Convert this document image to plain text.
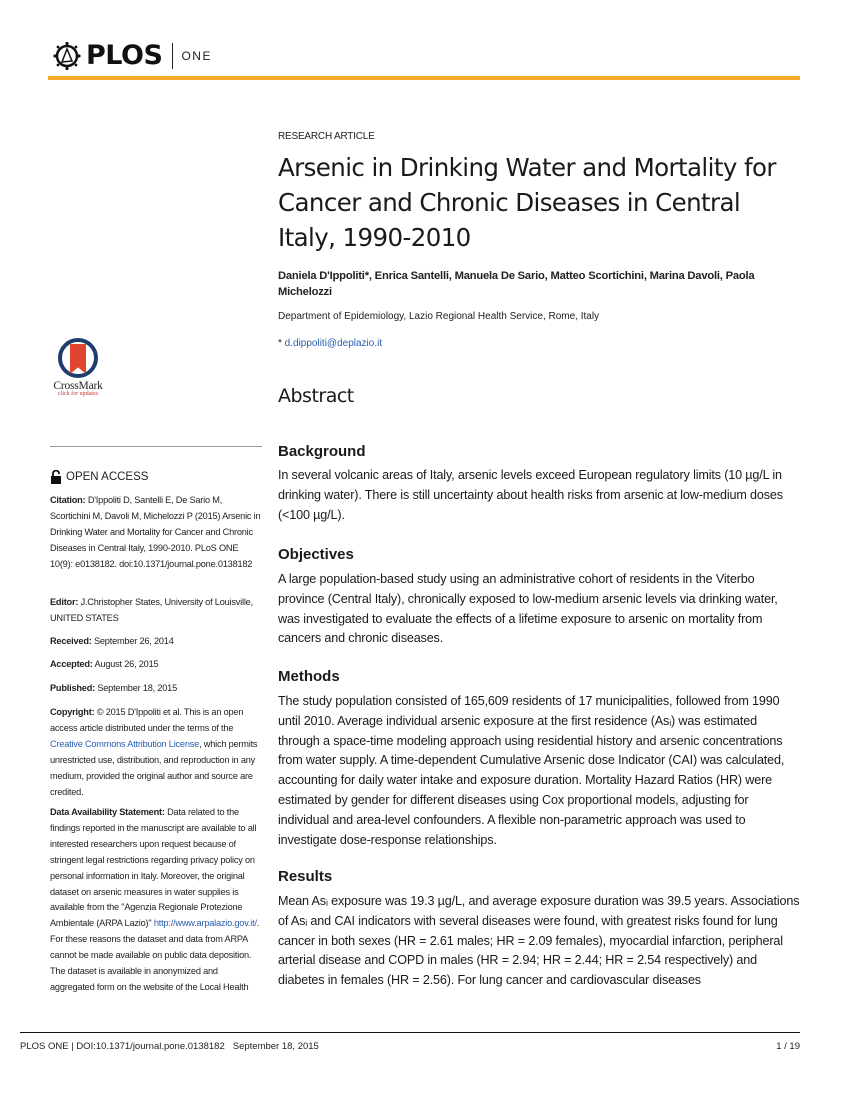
PLOS ONE
CrossMark
click for updates
OPEN ACCESS
Citation: D'Ippoliti D, Santelli E, De Sario M, Scortichini M, Davoli M, Michelozzi P (2015) Arsenic in Drinking Water and Mortality for Cancer and Chronic Diseases in Central Italy, 1990-2010. PLoS ONE 10(9): e0138182. doi:10.1371/journal.pone.0138182
Editor: J.Christopher States, University of Louisville, UNITED STATES
Received: September 26, 2014
Accepted: August 26, 2015
Published: September 18, 2015
Copyright: © 2015 D'Ippoliti et al. This is an open access article distributed under the terms of the Creative Commons Attribution License, which permits unrestricted use, distribution, and reproduction in any medium, provided the original author and source are credited.
Data Availability Statement: Data related to the findings reported in the manuscript are available to all interested researchers upon request because of stringent legal restrictions regarding privacy policy on personal information in Italy. Moreover, the original dataset on arsenic measures in water supplies is available from the "Agenzia Regionale Protezione Ambientale (ARPA Lazio)" http://www.arpalazio.gov.it/. For these reasons the dataset and data from ARPA cannot be made available on public data deposition. The dataset is available in anonymized and aggregated form on the website of the Local Health
RESEARCH ARTICLE
Arsenic in Drinking Water and Mortality for Cancer and Chronic Diseases in Central Italy, 1990-2010
Daniela D'Ippoliti*, Enrica Santelli, Manuela De Sario, Matteo Scortichini, Marina Davoli, Paola Michelozzi
Department of Epidemiology, Lazio Regional Health Service, Rome, Italy
* d.dippoliti@deplazio.it
Abstract
Background

In several volcanic areas of Italy, arsenic levels exceed European regulatory limits (10 µg/L in drinking water). There is still uncertainty about health risks from arsenic at low-medium doses (<100 µg/L).

Objectives

A large population-based study using an administrative cohort of residents in the Viterbo province (Central Italy), chronically exposed to low-medium arsenic levels via drinking water, was investigated to evaluate the effects of a lifetime exposure to arsenic on mortality from cancers and chronic diseases.

Methods

The study population consisted of 165,609 residents of 17 municipalities, followed from 1990 until 2010. Average individual arsenic exposure at the first residence (Asᵢ) was estimated through a space-time modeling approach using residential history and arsenic concentrations from water supply. A time-dependent Cumulative Arsenic dose Indicator (CAI) was calculated, accounting for daily water intake and exposure duration. Mortality Hazard Ratios (HR) were estimated by gender for different diseases using Cox proportional models, adjusting for individual and area-level confounders. A flexible non-parametric approach was used to investigate dose-response relationships.

Results

Mean Asᵢ exposure was 19.3 µg/L, and average exposure duration was 39.5 years. Associations of Asᵢ and CAI indicators with several diseases were found, with greatest risks found for lung cancer in both sexes (HR = 2.61 males; HR = 2.09 females), myocardial infarction, peripheral arterial disease and COPD in males (HR = 2.94; HR = 2.44; HR = 2.54 respectively) and diabetes in females (HR = 2.56). For lung cancer and cardiovascular diseases

PLOS ONE | DOI:10.1371/journal.pone.0138182 September 18, 2015	1 / 19
